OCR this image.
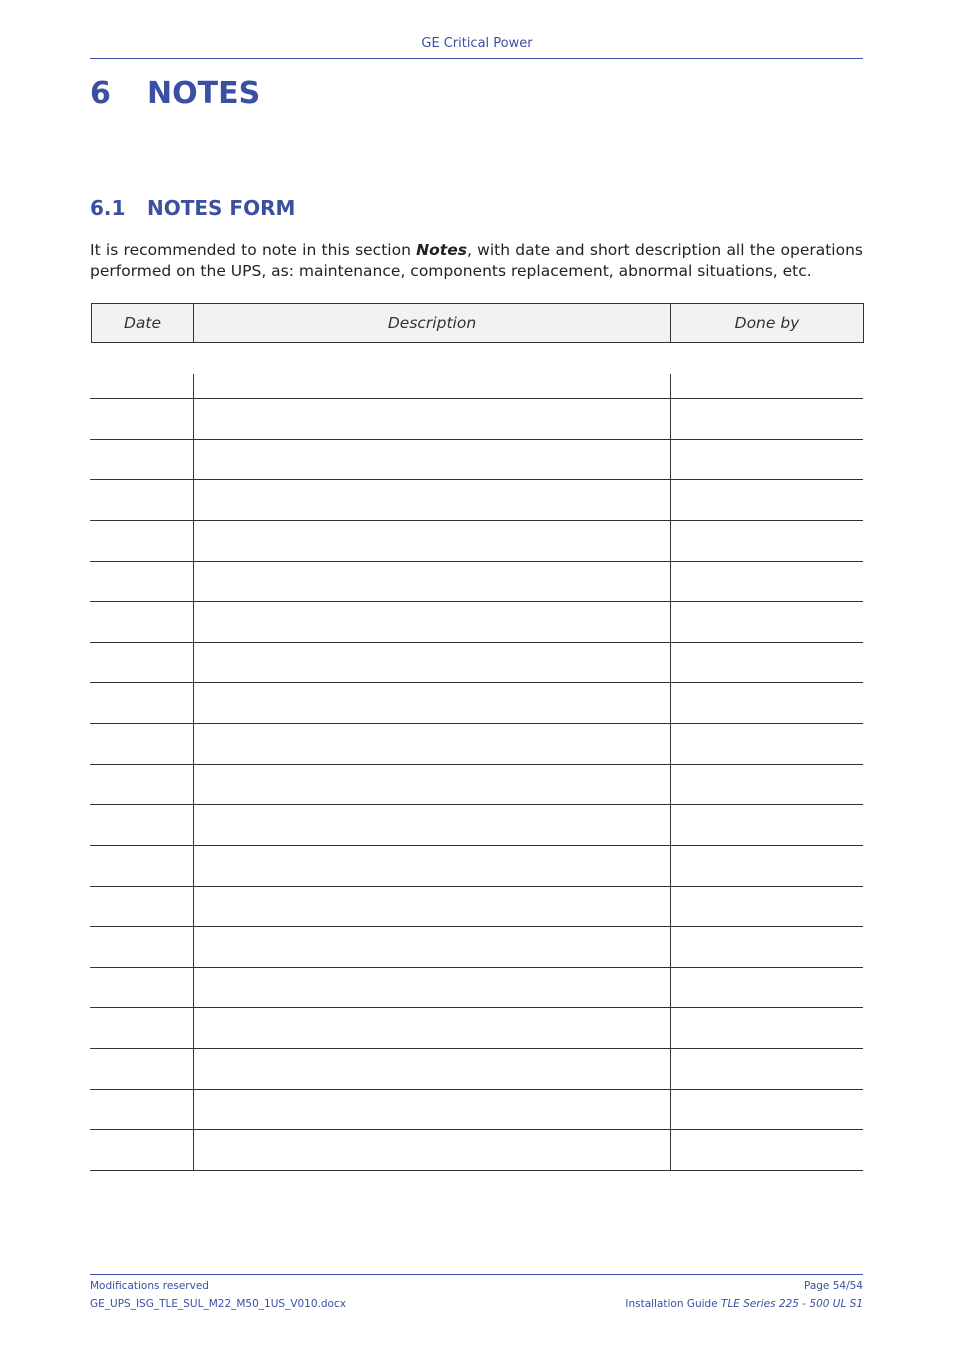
GE Critical Power
6 NOTES
6.1 NOTES FORM
It is recommended to note in this section Notes, with date and short description all the operations performed on the UPS, as: maintenance, components replacement, abnormal situations, etc.
Date	Description	Done by
Modifications reserved
GE_UPS_ISG_TLE_SUL_M22_M50_1US_V010.docx
Page 54/54
Installation Guide TLE Series 225 - 500 UL S1
